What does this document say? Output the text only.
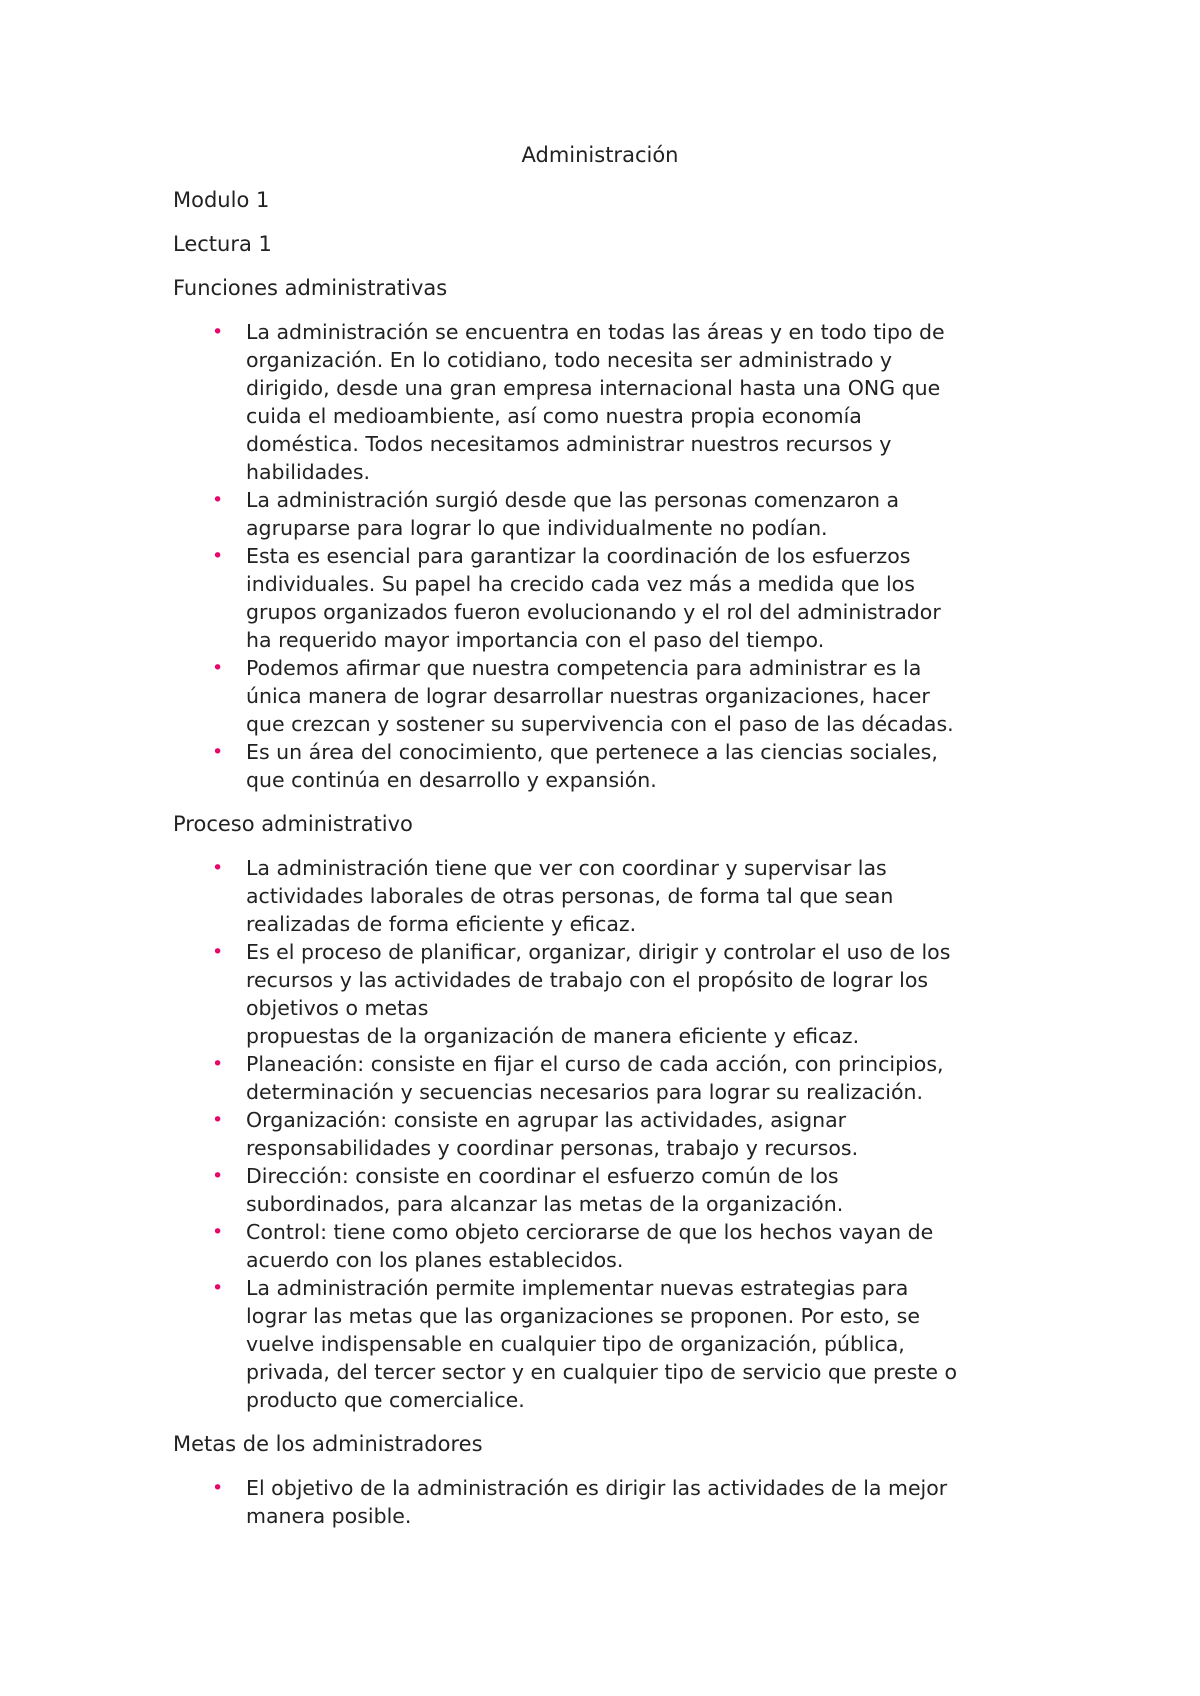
Administración

Modulo 1

Lectura 1

Funciones administrativas

• La administración se encuentra en todas las áreas y en todo tipo de
organización. En lo cotidiano, todo necesita ser administrado y
dirigido, desde una gran empresa internacional hasta una ONG que
cuida el medioambiente, así como nuestra propia economía
doméstica. Todos necesitamos administrar nuestros recursos y
habilidades.
• La administración surgió desde que las personas comenzaron a
agruparse para lograr lo que individualmente no podían.
• Esta es esencial para garantizar la coordinación de los esfuerzos
individuales. Su papel ha crecido cada vez más a medida que los
grupos organizados fueron evolucionando y el rol del administrador
ha requerido mayor importancia con el paso del tiempo.
• Podemos afirmar que nuestra competencia para administrar es la
única manera de lograr desarrollar nuestras organizaciones, hacer
que crezcan y sostener su supervivencia con el paso de las décadas.
• Es un área del conocimiento, que pertenece a las ciencias sociales,
que continúa en desarrollo y expansión.

Proceso administrativo

• La administración tiene que ver con coordinar y supervisar las
actividades laborales de otras personas, de forma tal que sean
realizadas de forma eficiente y eficaz.
• Es el proceso de planificar, organizar, dirigir y controlar el uso de los
recursos y las actividades de trabajo con el propósito de lograr los
objetivos o metas
propuestas de la organización de manera eficiente y eficaz.
• Planeación: consiste en fijar el curso de cada acción, con principios,
determinación y secuencias necesarios para lograr su realización.
• Organización: consiste en agrupar las actividades, asignar
responsabilidades y coordinar personas, trabajo y recursos.
• Dirección: consiste en coordinar el esfuerzo común de los
subordinados, para alcanzar las metas de la organización.
• Control: tiene como objeto cerciorarse de que los hechos vayan de
acuerdo con los planes establecidos.
• La administración permite implementar nuevas estrategias para
lograr las metas que las organizaciones se proponen. Por esto, se
vuelve indispensable en cualquier tipo de organización, pública,
privada, del tercer sector y en cualquier tipo de servicio que preste o
producto que comercialice.

Metas de los administradores

• El objetivo de la administración es dirigir las actividades de la mejor
manera posible.
